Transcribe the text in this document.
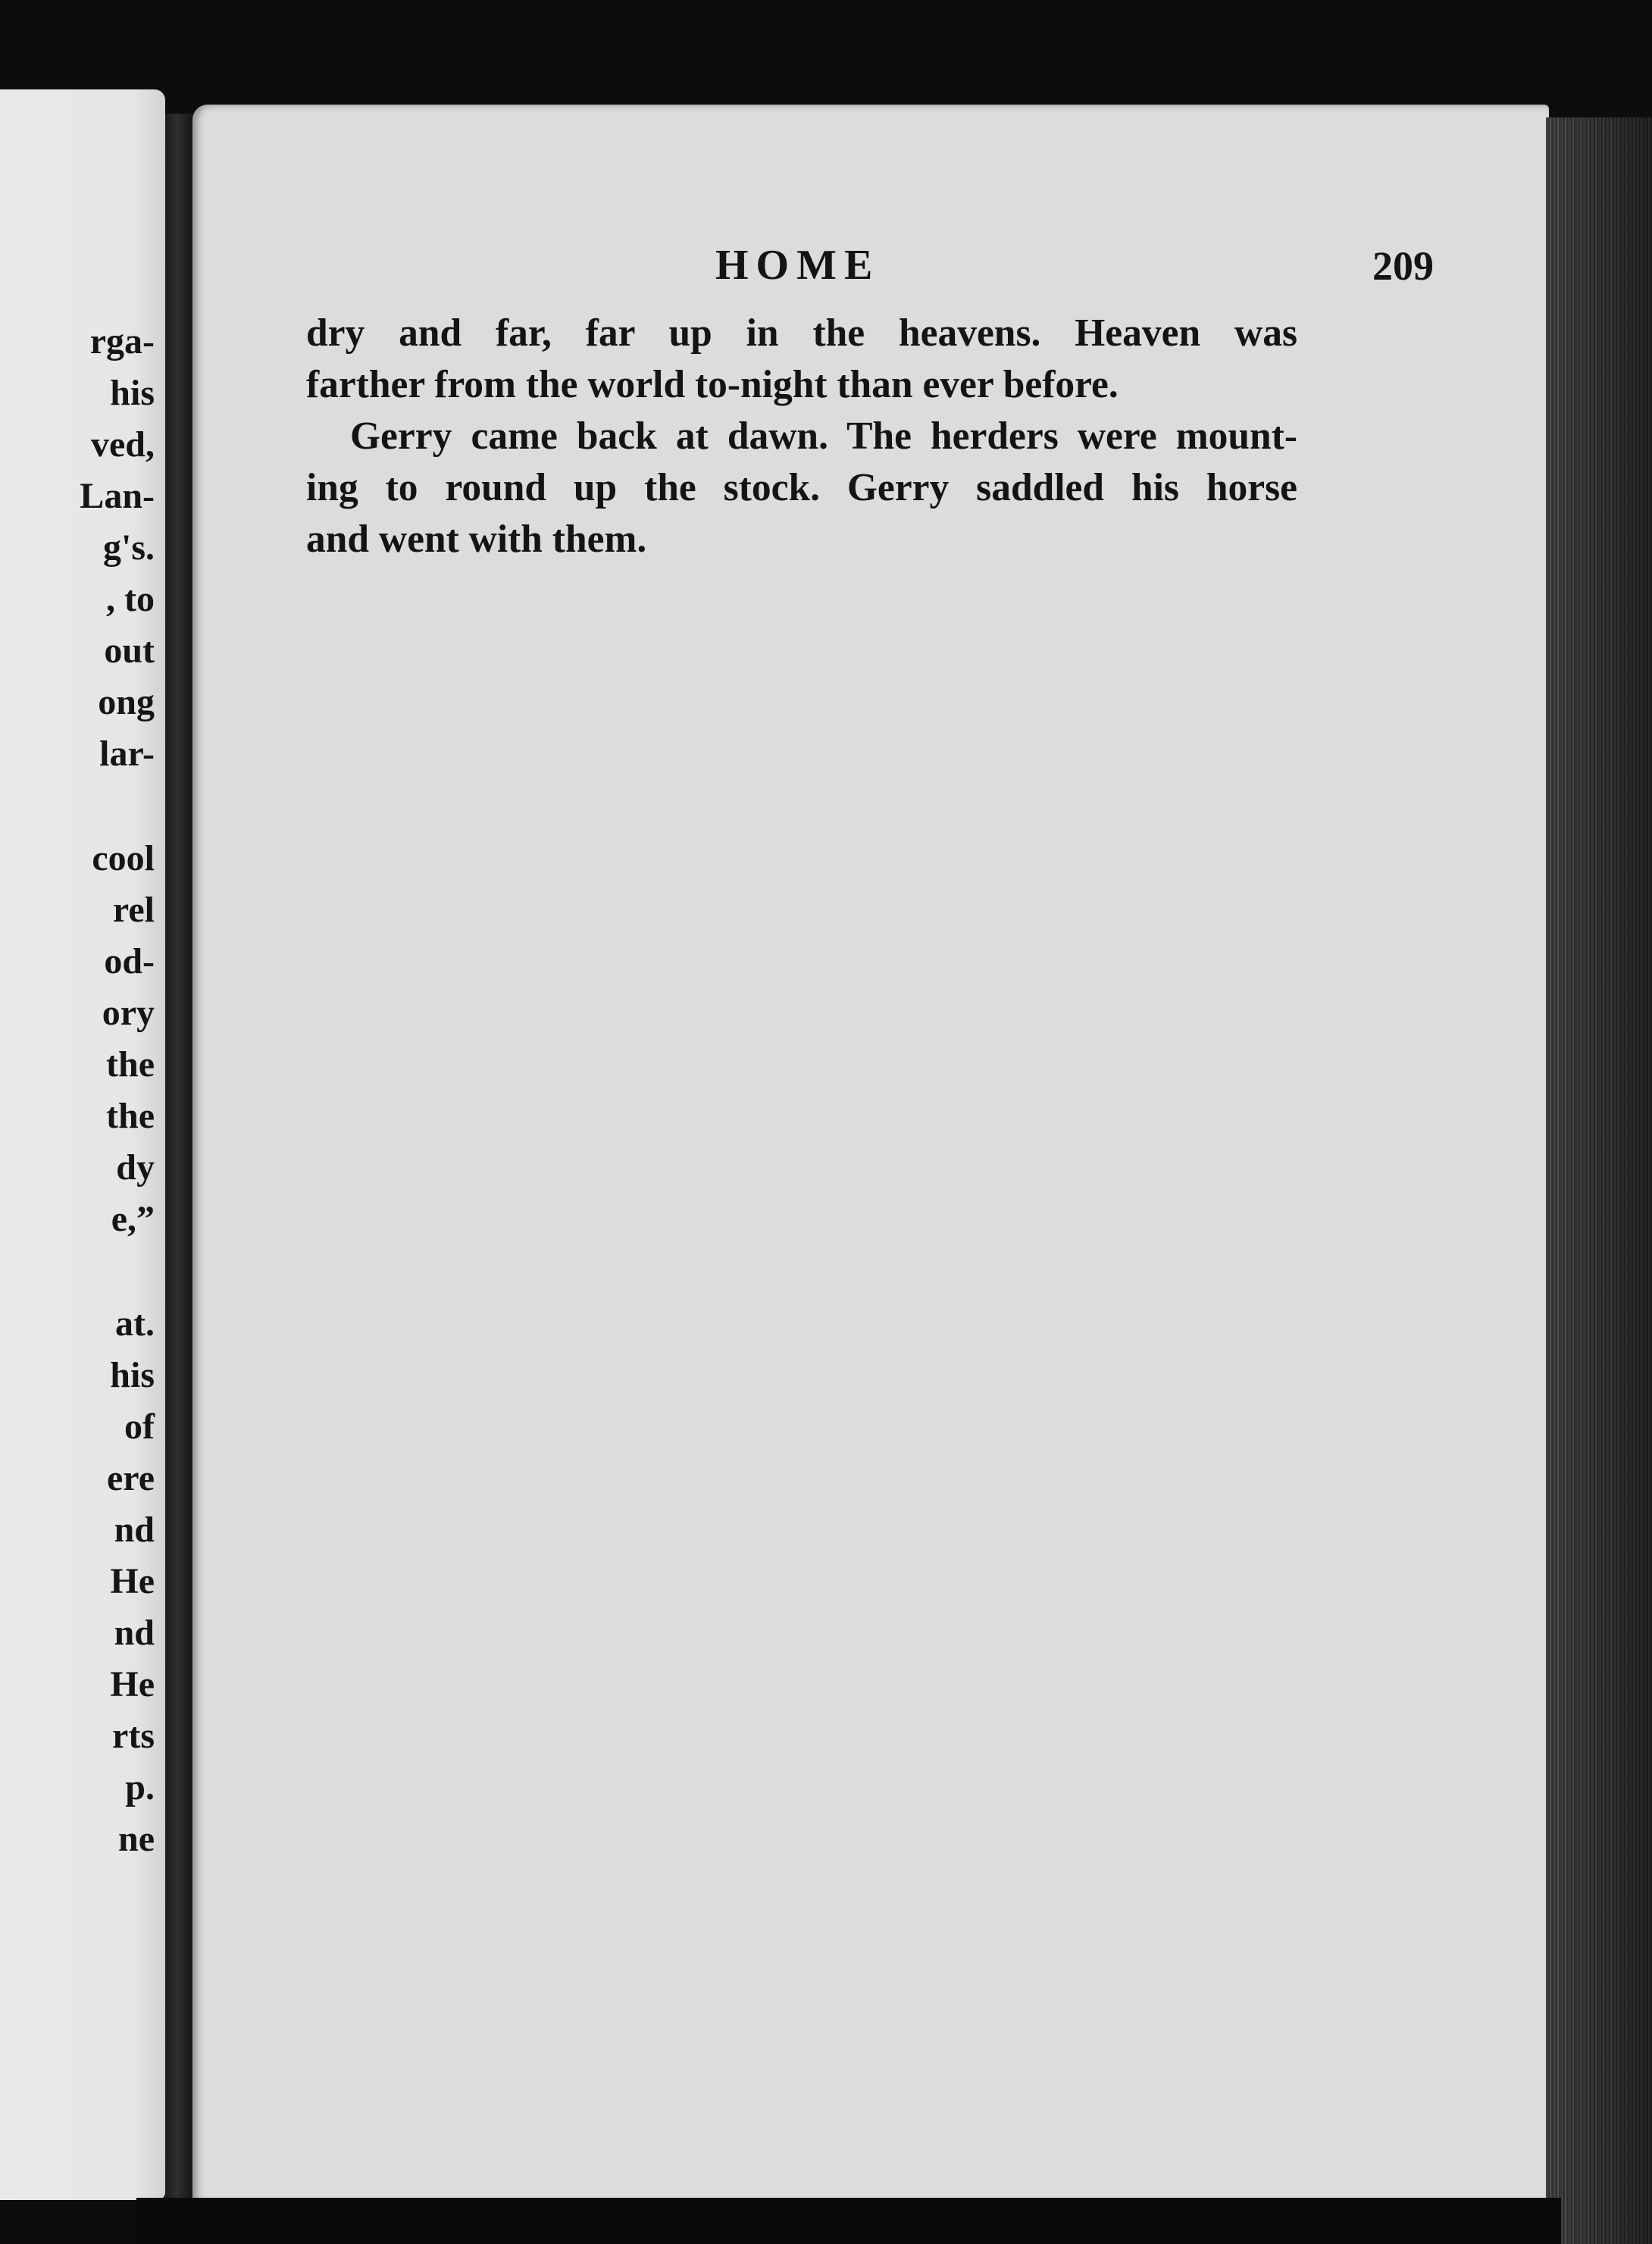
rga-
his
ved,
Lan-
g's.
, to
out
ong
lar-
cool
rel
od-
ory
the
the
dy
e,”
at.
his
of
ere
nd
He
nd
He
rts
p.
ne
HOME	209

dry and far, far up in the heavens. Heaven was
farther from the world to-night than ever before.

Gerry came back at dawn. The herders were mount-
ing to round up the stock. Gerry saddled his horse
and went with them.
